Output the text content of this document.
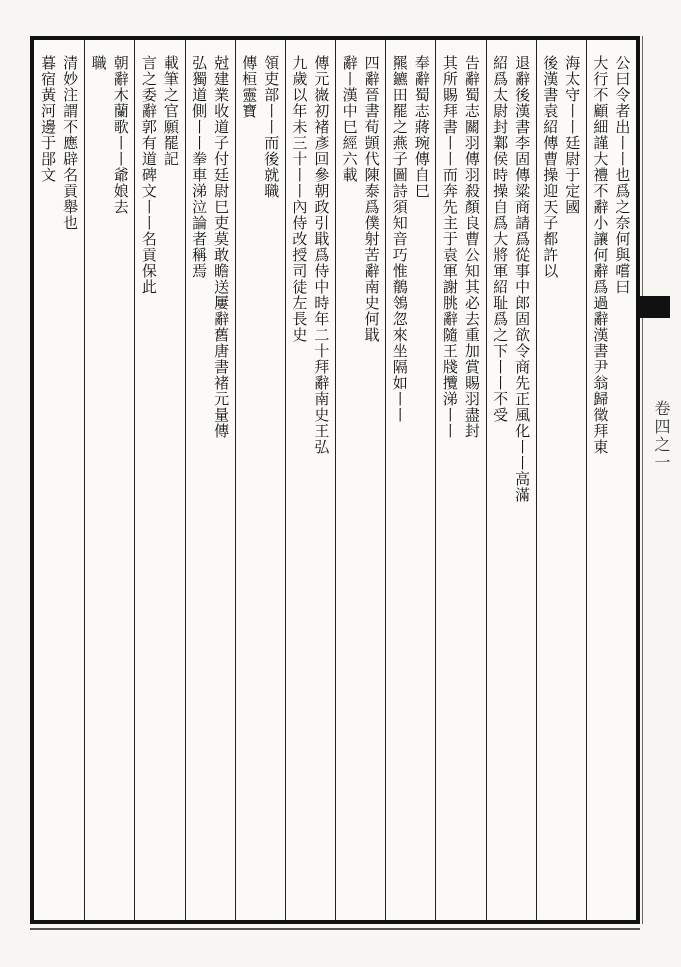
公曰令者出丨丨也爲之奈何與嚐曰
大行不顧細謹大禮不辭小讓何辭爲過辭漢書尹翁歸徵拜東
海太守丨丨廷尉于定國
後漢書袁紹傳曹操迎天子都許以
退辭後漢書李固傳粱商請爲從事中郎固欲令商先正風化丨丨高滿
紹爲太尉封鄴侯時操自爲大將軍紹耻爲之下丨丨不受
告辭蜀志關羽傳羽殺顏良曹公知其必去重加賞賜羽盡封
其所賜拜書丨丨而奔先主于袁軍謝朓辭隨王牋攬涕丨丨
奉辭蜀志蔣琬傳自巳
羆鑣田罷之燕子圖詩須知音巧惟鶺鴒忽來坐隔如丨丨
四辭晉書荀顗代陳泰爲僕射苦辭南史何戢
辭丨漢中巳經六載
傳元嶶初褚彥回參朝政引戢爲侍中時年二十拜辭南史王弘
九歲以年未三十丨丨內侍改授司徒左長史
領吏部丨丨而後就職
傳桓靈寶
尅建業收道子付廷尉巳吏莫敢瞻送屢辭舊唐書褚元量傳
弘獨道側丨丨拳車涕泣論者稱焉
載筆之官願罷記
言之委辭郭有道碑文丨丨名貢保此
朝辭木蘭歌丨丨爺娘去
職
清妙注謂不應辟名貢舉也
暮宿黃河邊于郘文
卷四之一
